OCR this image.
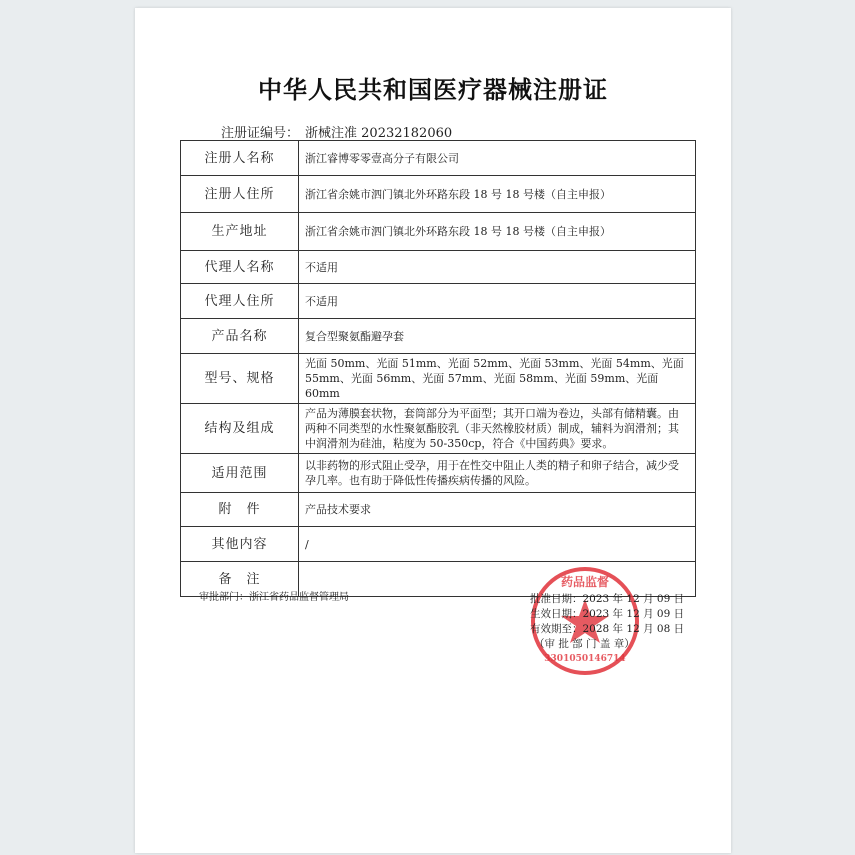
中华人民共和国医疗器械注册证
注册证编号： 浙械注准 20232182060
注册人名称	浙江睿博零零壹高分子有限公司
注册人住所	浙江省余姚市泗门镇北外环路东段 18 号 18 号楼（自主申报）
生产地址	浙江省余姚市泗门镇北外环路东段 18 号 18 号楼（自主申报）
代理人名称	不适用
代理人住所	不适用
产品名称	复合型聚氨酯避孕套
型号、规格	光面 50mm、光面 51mm、光面 52mm、光面 53mm、光面 54mm、光面 55mm、光面 56mm、光面 57mm、光面 58mm、光面 59mm、光面 60mm
结构及组成	产品为薄膜套状物，套筒部分为平面型；其开口端为卷边，头部有储精囊。由两种不同类型的水性聚氨酯胶乳（非天然橡胶材质）制成，辅料为润滑剂；其中润滑剂为硅油，粘度为 50-350cp，符合《中国药典》要求。
适用范围	以非药物的形式阻止受孕，用于在性交中阻止人类的精子和卵子结合，减少受孕几率。也有助于降低性传播疾病传播的风险。
附　件	产品技术要求
其他内容	/
备　注	
审批部门：浙江省药品监督管理局
药品监督
3301050146714
批准日期：2023 年 12 月 09 日
生效日期：2023 年 12 月 09 日
有效期至：2028 年 12 月 08 日
（审 批 部 门 盖 章）
